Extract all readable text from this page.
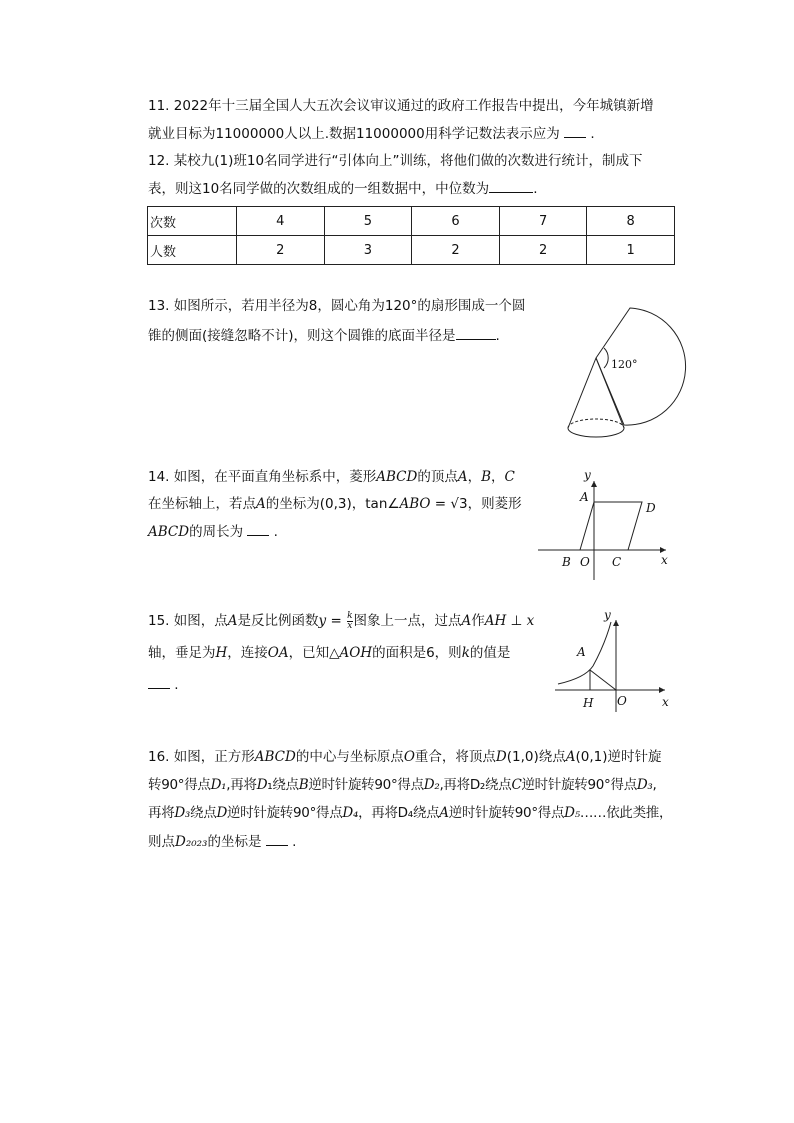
11. 2022年十三届全国人大五次会议审议通过的政府工作报告中提出，今年城镇新增
就业目标为11000000人以上.数据11000000用科学记数法表示应为 .
12. 某校九(1)班10名同学进行“引体向上”训练，将他们做的次数进行统计，制成下
表，则这10名同学做的次数组成的一组数据中，中位数为	.
次数	4	5	6	7	8
人数	2	3	2	2	1
13. 如图所示，若用半径为8，圆心角为120°的扇形围成一个圆
锥的侧面(接缝忽略不计)，则这个圆锥的底面半径是	.
120°
14. 如图，在平面直角坐标系中，菱形ABCD的顶点A，B，C
在坐标轴上，若点A的坐标为(0,3)，tan∠ABO = √3，则菱形
ABCD的周长为 .
y
x
A
D
B O C
15. 如图，点A是反比例函数$y = \frac{k}{x}$ 图象上一点，过点A作AH ⊥ x
轴，垂足为H，连接OA，已知△AOH的面积是6，则k的值是
.
y
x
A
H O
16. 如图，正方形ABCD的中心与坐标原点O重合，将顶点D(1,0)绕点A(0,1)逆时针旋
转90°得点D₁,再将D₁绕点B逆时针旋转90°得点D₂,再将D₂绕点C逆时针旋转90°得点D₃,
再将D₃绕点D逆时针旋转90°得点D₄，再将D₄绕点A逆时针旋转90°得点D₅……依此类推，
则点D₂₀₂₃的坐标是 .
